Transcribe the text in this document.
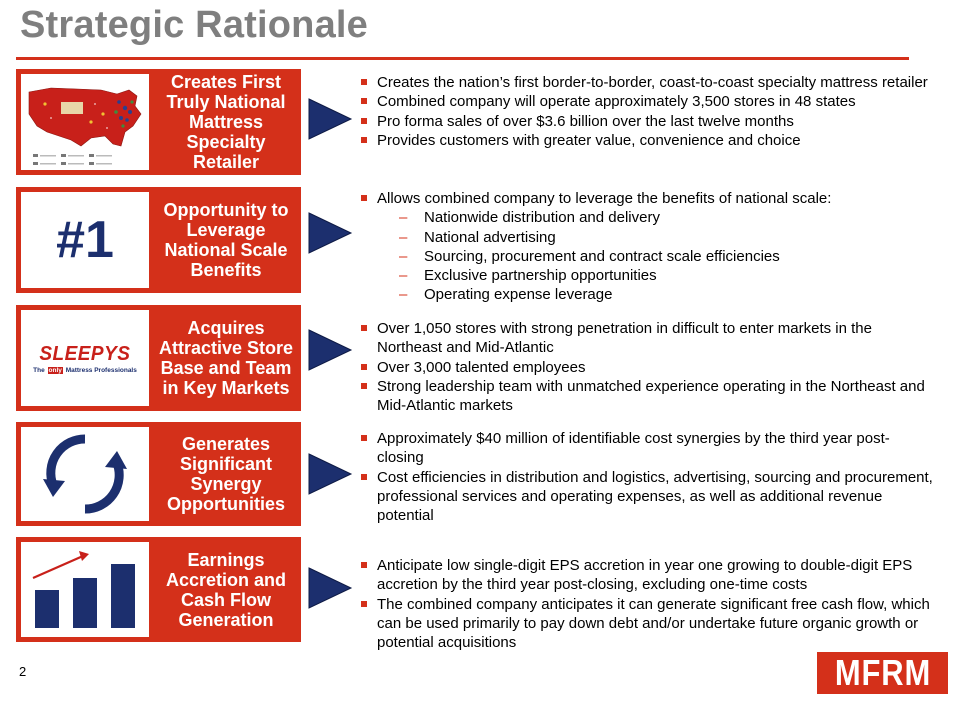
Strategic Rationale
Creates First Truly National Mattress Specialty Retailer
Creates the nation’s first border-to-border, coast-to-coast specialty mattress retailer
Combined company will operate approximately 3,500 stores in 48 states
Pro forma sales of over $3.6 billion over the last twelve months
Provides customers with greater value, convenience and choice
#1
Opportunity to Leverage National Scale Benefits
Allows combined company to leverage the benefits of national scale:
– Nationwide distribution and delivery
– National advertising
– Sourcing, procurement and contract scale efficiencies
– Exclusive partnership opportunities
– Operating expense leverage
SLEEPYS
The only Mattress Professionals
Acquires Attractive Store Base and Team in Key Markets
Over 1,050 stores with strong penetration in difficult to enter markets in the Northeast and Mid-Atlantic
Over 3,000 talented employees
Strong leadership team with unmatched experience operating in the Northeast and Mid-Atlantic markets
Generates Significant Synergy Opportunities
Approximately $40 million of identifiable cost synergies by the third year post-closing
Cost efficiencies in distribution and logistics, advertising, sourcing and procurement, professional services and operating expenses, as well as additional revenue potential
Earnings Accretion and Cash Flow Generation
Anticipate low single-digit EPS accretion in year one growing to double-digit EPS accretion by the third year post-closing, excluding one-time costs
The combined company anticipates it can generate significant free cash flow, which can be used primarily to pay down debt and/or undertake future organic growth or potential acquisitions
2	MFRM
